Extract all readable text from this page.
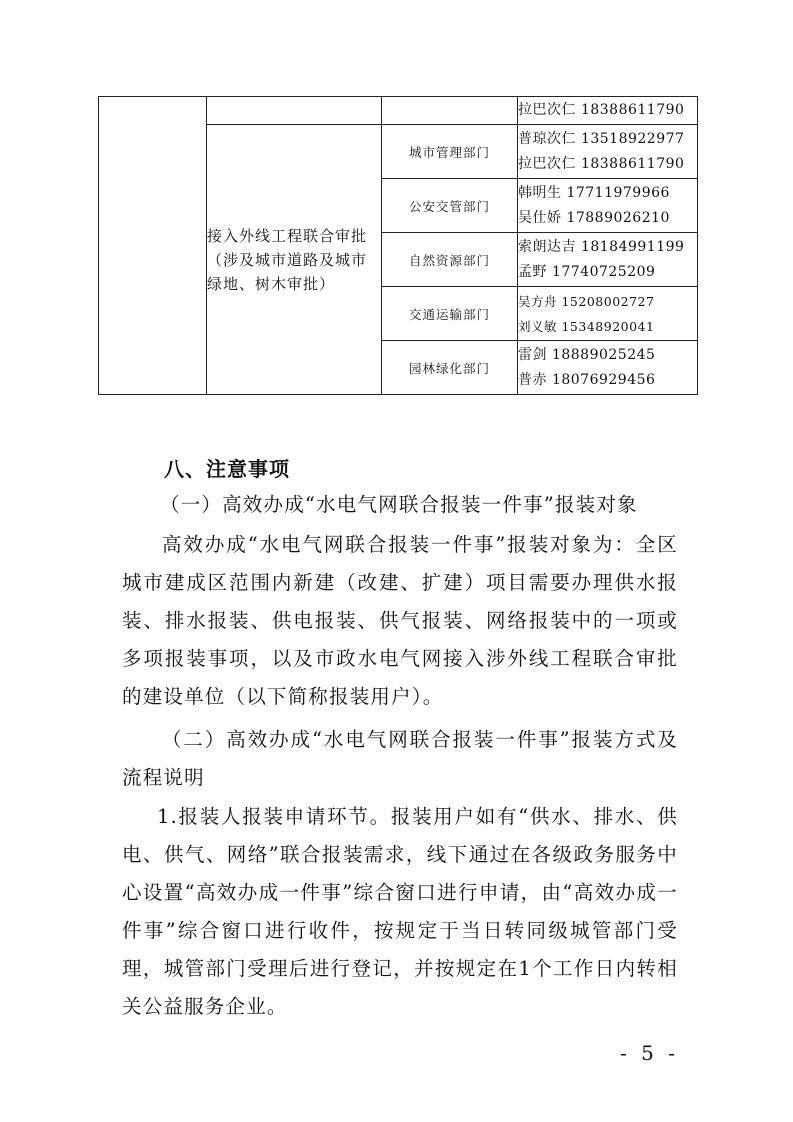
			拉巴次仁 18388611790

	接入外线工程联合审批（涉及城市道路及城市绿地、树木审批）	城市管理部门	普琼次仁 13518922977
拉巴次仁 18388611790

		公安交管部门	韩明生 17711979966
吴仕娇 17889026210

		自然资源部门	索朗达吉 18184991199
孟野 17740725209

		交通运输部门	吴方舟 15208002727
刘义敏 15348920041

		园林绿化部门	雷剑 18889025245
普赤 18076929456
八、注意事项

（一）高效办成“水电气网联合报装一件事”报装对象

高效办成“水电气网联合报装一件事”报装对象为：全区城市建成区范围内新建（改建、扩建）项目需要办理供水报装、排水报装、供电报装、供气报装、网络报装中的一项或多项报装事项，以及市政水电气网接入涉外线工程联合审批的建设单位（以下简称报装用户）。

（二）高效办成“水电气网联合报装一件事”报装方式及流程说明

1.报装人报装申请环节。报装用户如有“供水、排水、供电、供气、网络”联合报装需求，线下通过在各级政务服务中心设置“高效办成一件事”综合窗口进行申请，由“高效办成一件事”综合窗口进行收件，按规定于当日转同级城管部门受理，城管部门受理后进行登记，并按规定在1个工作日内转相关公益服务企业。

- 5 -
